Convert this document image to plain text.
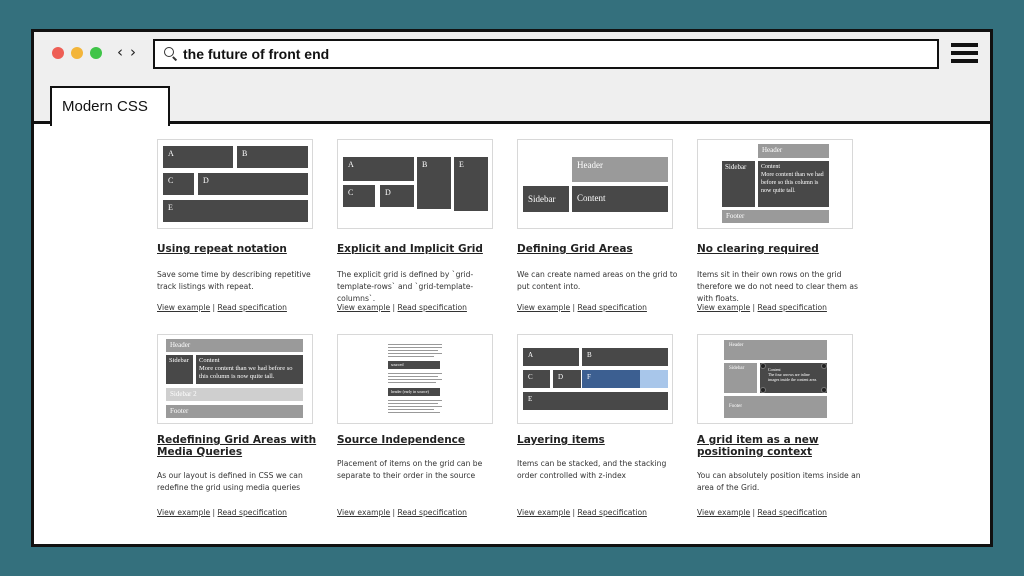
‹ ›	the future of front end
Modern CSS
A	B
C	D
E
Using repeat notation
Save some time by describing repetitive track listings with repeat.
View example | Read specification
A	B	E
C	D
Explicit and Implicit Grid
The explicit grid is defined by `grid-template-rows` and `grid-template-columns`.
View example | Read specification
Header
Sidebar	Content
Defining Grid Areas
We can create named areas on the grid to put content into.
View example | Read specification
Header
Sidebar	Content
More content than we had before so this column is now quite tall.
Footer
No clearing required
Items sit in their own rows on the grid therefore we do not need to clear them as with floats.
View example | Read specification
Header
Sidebar	Content
More content than we had before so this column is now quite tall.
Sidebar 2
Footer
Redefining Grid Areas with Media Queries
As our layout is defined in CSS we can redefine the grid using media queries
View example | Read specification
sourced
header (early in source)
Source Independence
Placement of items on the grid can be separate to their order in the source
View example | Read specification
A	B
C	D	F
E
Layering items
Items can be stacked, and the stacking order controlled with z-index
View example | Read specification
Header
Sidebar	Content
The four arrows are inline images inside the content area.
Footer
A grid item as a new positioning context
You can absolutely position items inside an area of the Grid.
View example | Read specification
